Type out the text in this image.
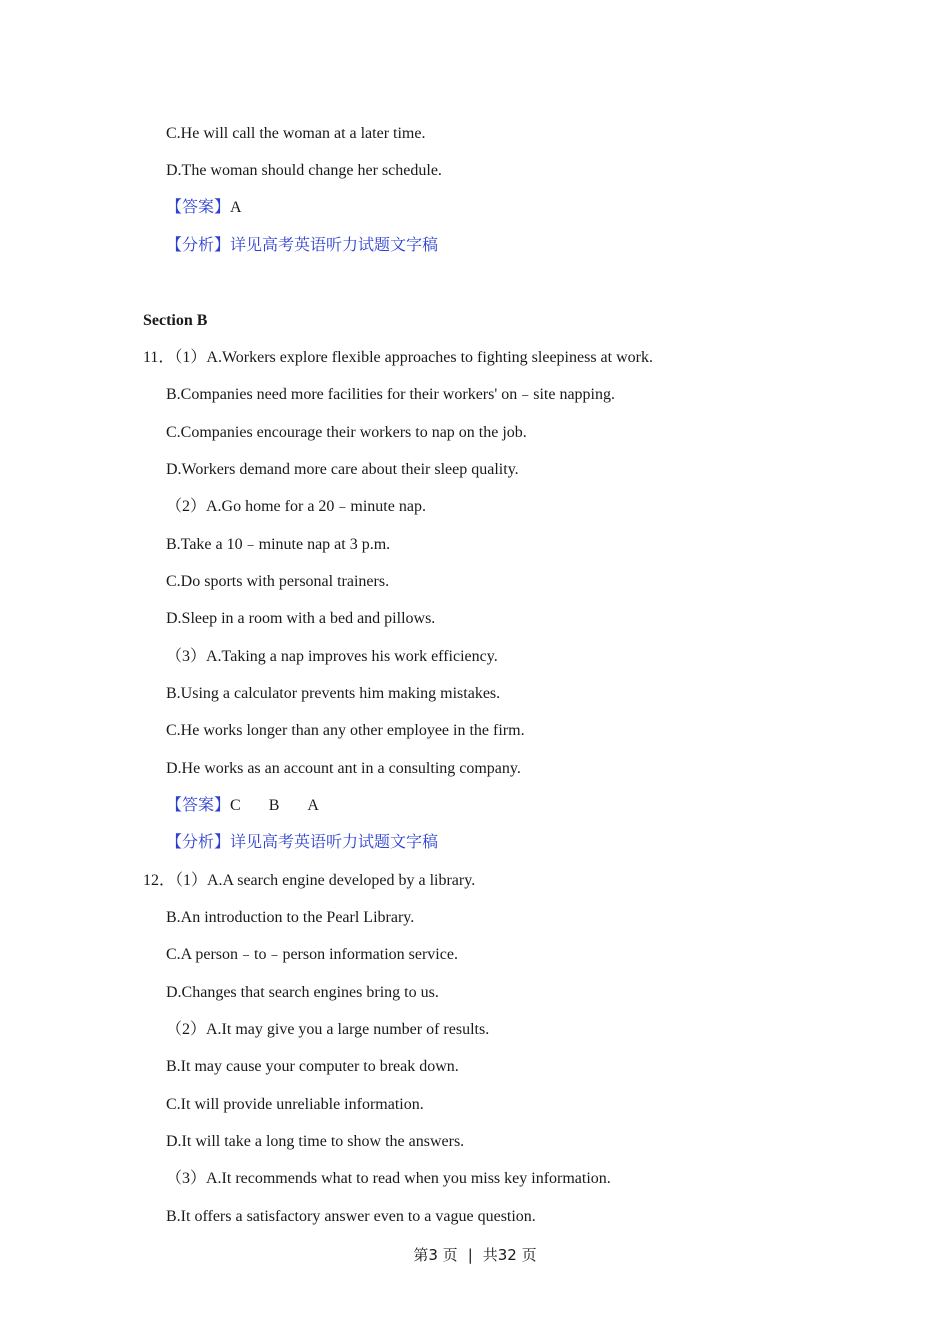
C.He will call the woman at a later time.
D.The woman should change her schedule.
【答案】A
【分析】详见高考英语听力试题文字稿
Section B
11．（1）A.Workers explore flexible approaches to fighting sleepiness at work.
B.Companies need more facilities for their workers' on﹣site napping.
C.Companies encourage their workers to nap on the job.
D.Workers demand more care about their sleep quality.
（2）A.Go home for a 20﹣minute nap.
B.Take a 10﹣minute nap at 3 p.m.
C.Do sports with personal trainers.
D.Sleep in a room with a bed and pillows.
（3）A.Taking a nap improves his work efficiency.
B.Using a calculator prevents him making mistakes.
C.He works longer than any other employee in the firm.
D.He works as an account ant in a consulting company.
【答案】C B A
【分析】详见高考英语听力试题文字稿
12．（1）A.A search engine developed by a library.
B.An introduction to the Pearl Library.
C.A person﹣to﹣person information service.
D.Changes that search engines bring to us.
（2）A.It may give you a large number of results.
B.It may cause your computer to break down.
C.It will provide unreliable information.
D.It will take a long time to show the answers.
（3）A.It recommends what to read when you miss key information.
B.It offers a satisfactory answer even to a vague question.
第3 页 | 共32 页
